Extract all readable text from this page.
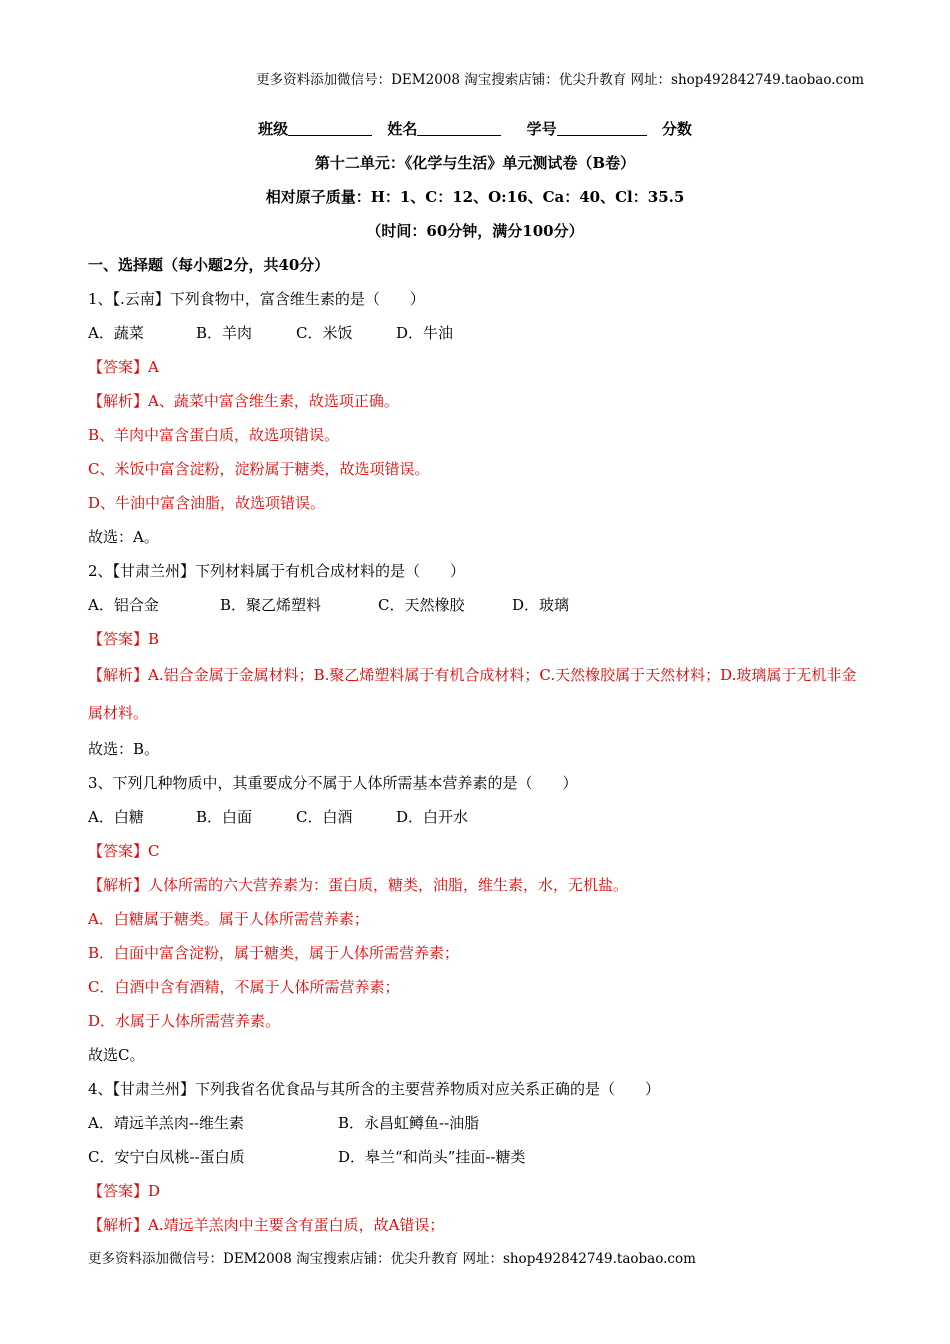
更多资料添加微信号：DEM2008 淘宝搜索店铺：优尖升教育 网址：shop492842749.taobao.com

班级	姓名	学号	分数
第十二单元：《化学与生活》单元测试卷（B卷）
相对原子质量：H：1、C：12、O:16、Ca：40、Cl：35.5
（时间：60分钟，满分100分）
一、选择题（每小题2分，共40分）
1、【.云南】下列食物中，富含维生素的是（　　）
A．蔬菜	B．羊肉	C．米饭	D．牛油
【答案】A
【解析】A、蔬菜中富含维生素，故选项正确。
B、羊肉中富含蛋白质，故选项错误。
C、米饭中富含淀粉，淀粉属于糖类，故选项错误。
D、牛油中富含油脂，故选项错误。
故选：A。
2、【甘肃兰州】下列材料属于有机合成材料的是（　　）
A．铝合金	B．聚乙烯塑料	C．天然橡胶	D．玻璃
【答案】B
【解析】A.铝合金属于金属材料；B.聚乙烯塑料属于有机合成材料；C.天然橡胶属于天然材料；D.玻璃属于无机非金属材料。
故选：B。
3、下列几种物质中，其重要成分不属于人体所需基本营养素的是（　　）
A．白糖	B．白面	C．白酒	D．白开水
【答案】C
【解析】人体所需的六大营养素为：蛋白质，糖类，油脂，维生素，水，无机盐。
A．白糖属于糖类。属于人体所需营养素；
B．白面中富含淀粉，属于糖类，属于人体所需营养素；
C．白酒中含有酒精，不属于人体所需营养素；
D．水属于人体所需营养素。
故选C。
4、【甘肃兰州】下列我省名优食品与其所含的主要营养物质对应关系正确的是（　　）
A．靖远羊羔肉--维生素	B．永昌虹鳟鱼--油脂
C．安宁白凤桃--蛋白质	D．皋兰“和尚头”挂面--糖类
【答案】D
【解析】A.靖远羊羔肉中主要含有蛋白质，故A错误；

更多资料添加微信号：DEM2008 淘宝搜索店铺：优尖升教育 网址：shop492842749.taobao.com
